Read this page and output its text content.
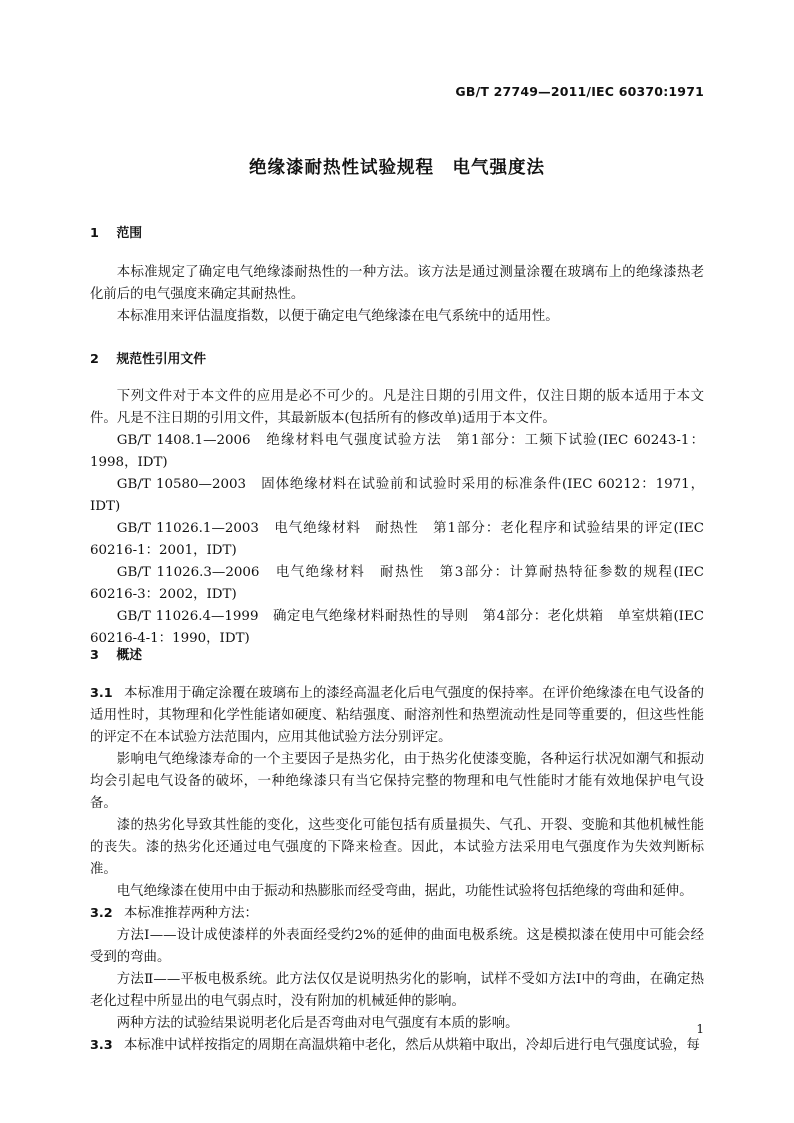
GB/T 27749—2011/IEC 60370:1971
绝缘漆耐热性试验规程　电气强度法
1 范围

本标准规定了确定电气绝缘漆耐热性的一种方法。该方法是通过测量涂覆在玻璃布上的绝缘漆热老化前后的电气强度来确定其耐热性。

本标准用来评估温度指数，以便于确定电气绝缘漆在电气系统中的适用性。

2 规范性引用文件

下列文件对于本文件的应用是必不可少的。凡是注日期的引用文件，仅注日期的版本适用于本文件。凡是不注日期的引用文件，其最新版本(包括所有的修改单)适用于本文件。

GB/T 1408.1—2006　绝缘材料电气强度试验方法　第1部分：工频下试验(IEC 60243-1：1998，IDT)

GB/T 10580—2003　固体绝缘材料在试验前和试验时采用的标准条件(IEC 60212：1971，IDT)

GB/T 11026.1—2003　电气绝缘材料　耐热性　第1部分：老化程序和试验结果的评定(IEC 60216-1：2001，IDT)

GB/T 11026.3—2006　电气绝缘材料　耐热性　第3部分：计算耐热特征参数的规程(IEC 60216-3：2002，IDT)

GB/T 11026.4—1999　确定电气绝缘材料耐热性的导则　第4部分：老化烘箱　单室烘箱(IEC 60216-4-1：1990，IDT)

3 概述

3.1 本标准用于确定涂覆在玻璃布上的漆经高温老化后电气强度的保持率。在评价绝缘漆在电气设备的适用性时，其物理和化学性能诸如硬度、粘结强度、耐溶剂性和热塑流动性是同等重要的，但这些性能的评定不在本试验方法范围内，应用其他试验方法分别评定。

影响电气绝缘漆寿命的一个主要因子是热劣化，由于热劣化使漆变脆，各种运行状况如潮气和振动均会引起电气设备的破坏，一种绝缘漆只有当它保持完整的物理和电气性能时才能有效地保护电气设备。

漆的热劣化导致其性能的变化，这些变化可能包括有质量损失、气孔、开裂、变脆和其他机械性能的丧失。漆的热劣化还通过电气强度的下降来检查。因此，本试验方法采用电气强度作为失效判断标准。

电气绝缘漆在使用中由于振动和热膨胀而经受弯曲，据此，功能性试验将包括绝缘的弯曲和延伸。

3.2 本标准推荐两种方法：

方法Ⅰ——设计成使漆样的外表面经受约2%的延伸的曲面电极系统。这是模拟漆在使用中可能会经受到的弯曲。

方法Ⅱ——平板电极系统。此方法仅仅是说明热劣化的影响，试样不受如方法Ⅰ中的弯曲，在确定热老化过程中所显出的电气弱点时，没有附加的机械延伸的影响。

两种方法的试验结果说明老化后是否弯曲对电气强度有本质的影响。

3.3 本标准中试样按指定的周期在高温烘箱中老化，然后从烘箱中取出，冷却后进行电气强度试验，每

1
